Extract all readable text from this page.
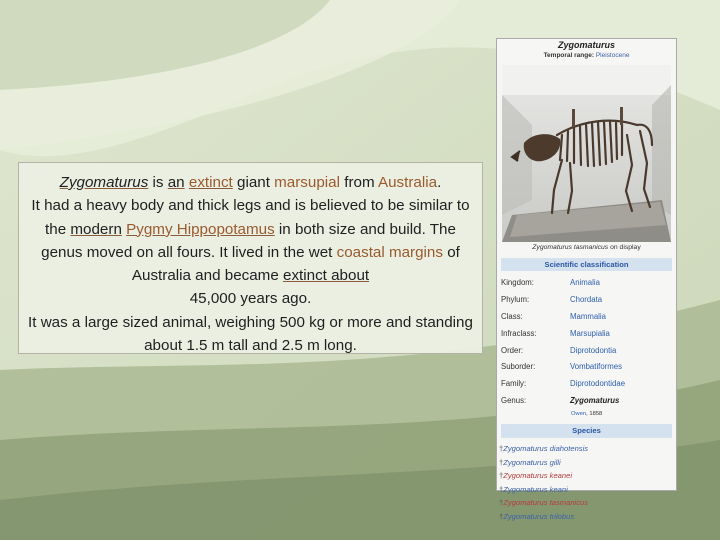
Zygomaturus is an extinct giant marsupial from Australia.
It had a heavy body and thick legs and is believed to be similar to the modern Pygmy Hippopotamus in both size and build. The genus moved on all fours. It lived in the wet coastal margins of Australia and became extinct about
45,000 years ago.

It was a large sized animal, weighing 500 kg or more and standing about 1.5 m tall and 2.5 m long.

Zygomaturus
Temporal range: Pleistocene
Zygomaturus tasmanicus on display
Scientific classification
Kingdom:	Animalia
Phylum:	Chordata
Class:	Mammalia
Infraclass:	Marsupialia
Order:	Diprotodontia
Suborder:	Vombatiformes
Family:	Diprotodontidae
Genus:	Zygomaturus
Owen, 1858
Species
†Zygomaturus diahotensis
†Zygomaturus gilli
†Zygomaturus keanei
†Zygomaturus keani
†Zygomaturus tasmanicus
†Zygomaturus trilobus
